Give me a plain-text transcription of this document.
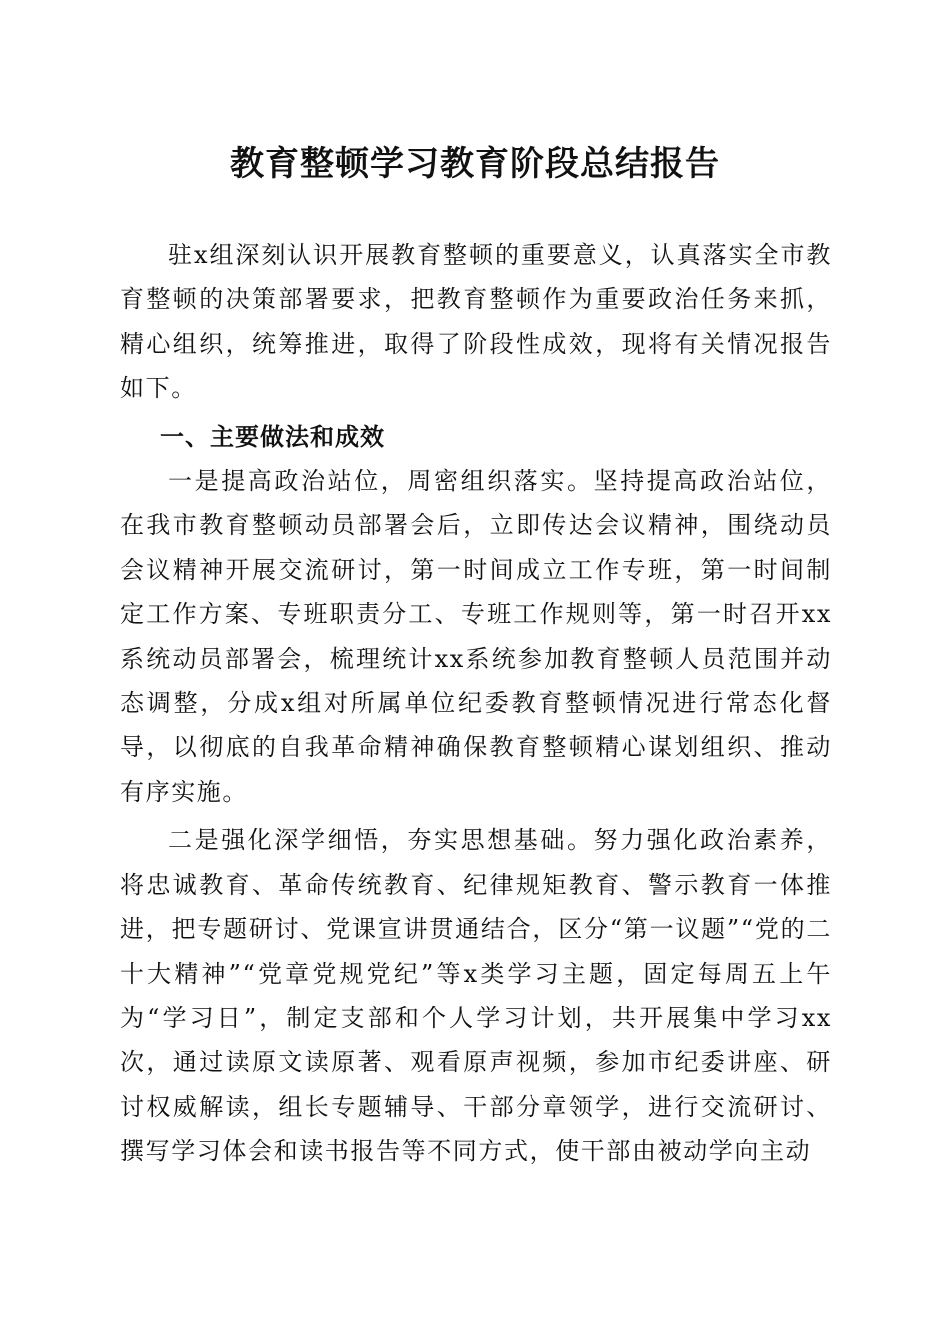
教育整顿学习教育阶段总结报告

驻x组深刻认识开展教育整顿的重要意义，认真落实全市教育整顿的决策部署要求，把教育整顿作为重要政治任务来抓，精心组织，统筹推进，取得了阶段性成效，现将有关情况报告如下。

一、主要做法和成效

一是提高政治站位，周密组织落实。坚持提高政治站位，在我市教育整顿动员部署会后，立即传达会议精神，围绕动员会议精神开展交流研讨，第一时间成立工作专班，第一时间制定工作方案、专班职责分工、专班工作规则等，第一时召开xx系统动员部署会，梳理统计xx系统参加教育整顿人员范围并动态调整，分成x组对所属单位纪委教育整顿情况进行常态化督导，以彻底的自我革命精神确保教育整顿精心谋划组织、推动有序实施。

二是强化深学细悟，夯实思想基础。努力强化政治素养，将忠诚教育、革命传统教育、纪律规矩教育、警示教育一体推进，把专题研讨、党课宣讲贯通结合，区分“第一议题”“党的二十大精神”“党章党规党纪”等x类学习主题，固定每周五上午为“学习日”，制定支部和个人学习计划，共开展集中学习xx次，通过读原文读原著、观看原声视频，参加市纪委讲座、研讨权威解读，组长专题辅导、干部分章领学，进行交流研讨、撰写学习体会和读书报告等不同方式，使干部由被动学向主动
